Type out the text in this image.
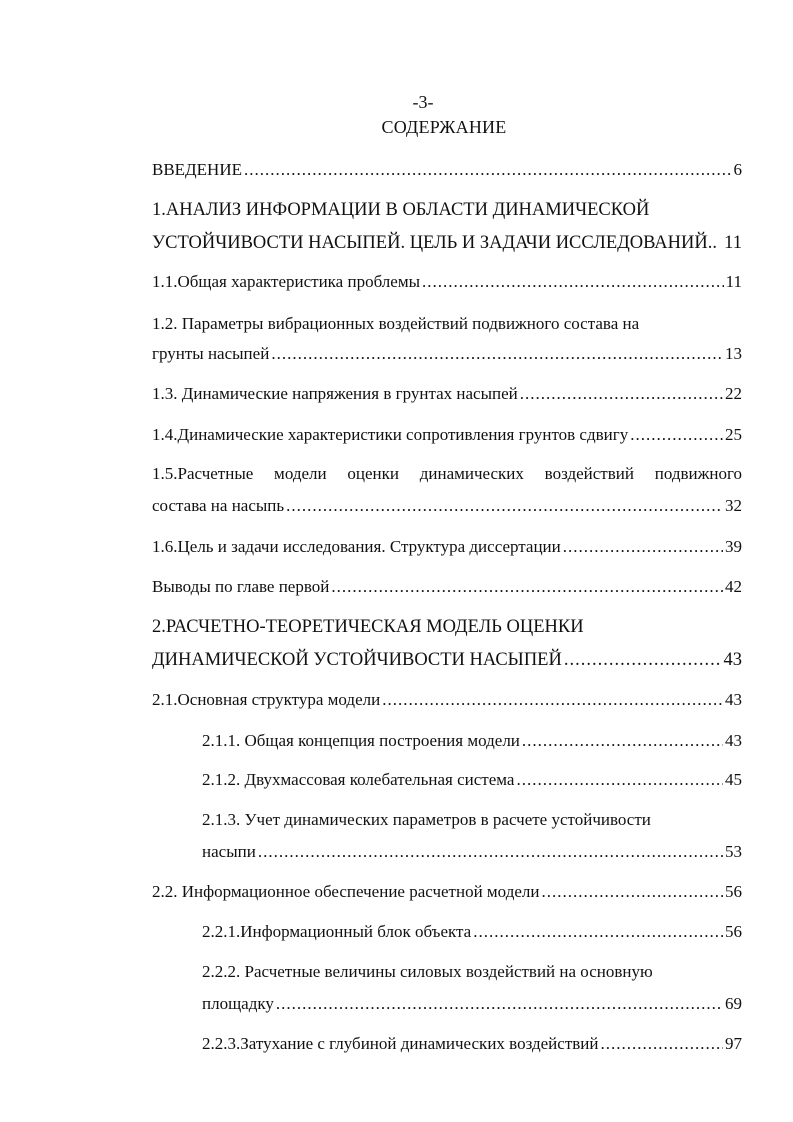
-3-
СОДЕРЖАНИЕ
ВВЕДЕНИЕ .....	6
1.АНАЛИЗ ИНФОРМАЦИИ В ОБЛАСТИ ДИНАМИЧЕСКОЙ
УСТОЙЧИВОСТИ НАСЫПЕЙ. ЦЕЛЬ И ЗАДАЧИ ИССЛЕДОВАНИЙ.. 11
1.1.Общая характеристика проблемы .....	11
1.2. Параметры вибрационных воздействий подвижного состава на
грунты насыпей .....	13
1.3. Динамические напряжения в грунтах насыпей .....	22
1.4.Динамические характеристики сопротивления грунтов сдвигу .....	25
1.5.Расчетные модели оценки динамических воздействий подвижного
состава на насыпь .....	32
1.6.Цель и задачи исследования. Структура диссертации .....	39
Выводы по главе первой .....	42
2.РАСЧЕТНО-ТЕОРЕТИЧЕСКАЯ МОДЕЛЬ ОЦЕНКИ
ДИНАМИЧЕСКОЙ УСТОЙЧИВОСТИ НАСЫПЕЙ .....	43
2.1.Основная структура модели .....	43
2.1.1. Общая концепция построения модели .....	43
2.1.2. Двухмассовая колебательная система .....	45
2.1.3. Учет динамических параметров в расчете устойчивости
насыпи .....	53
2.2. Информационное обеспечение расчетной модели .....	56
2.2.1.Информационный блок объекта .....	56
2.2.2. Расчетные величины силовых воздействий на основную
площадку .....	69
2.2.3.Затухание с глубиной динамических воздействий .....	97
